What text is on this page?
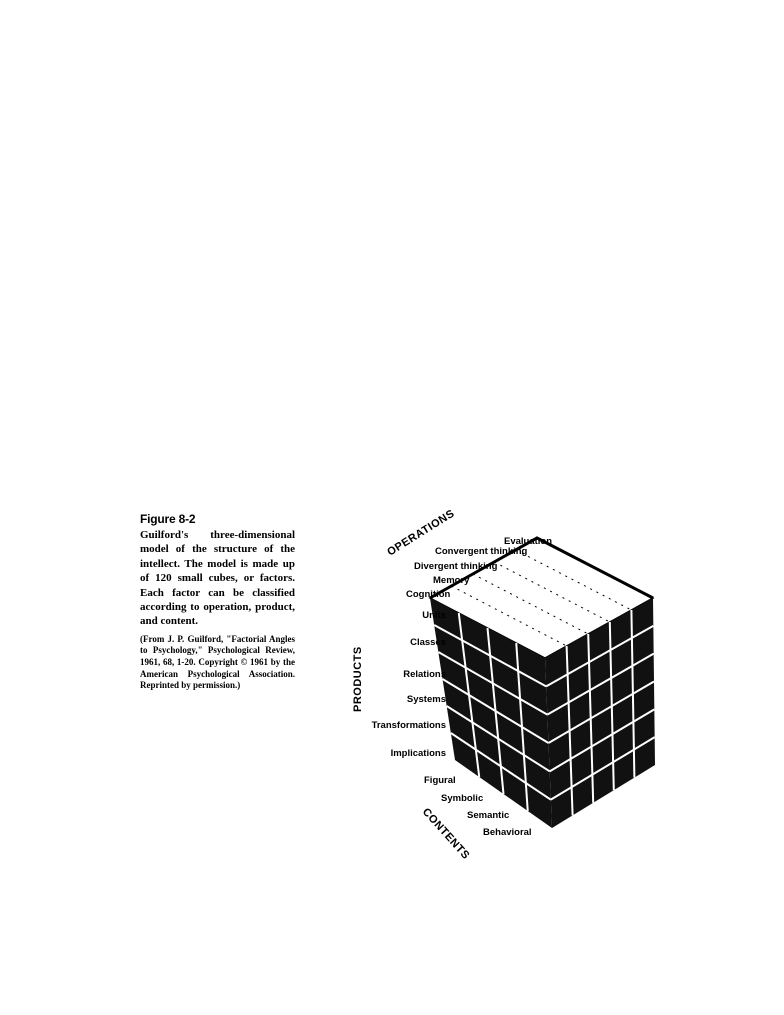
Figure 8-2

Guilford's three-dimensional model of the structure of the intellect. The model is made up of 120 small cubes, or factors. Each factor can be classified according to operation, product, and content.

(From J. P. Guilford, "Factorial Angles to Psychology," Psychological Review, 1961, 68, 1-20. Copyright © 1961 by the American Psychological Association. Reprinted by permission.)

OPERATIONS
PRODUCTS
CONTENTS
Evaluation
Convergent thinking
Divergent thinking
Memory
Cognition
Units
Classes
Relations
Systems
Transformations
Implications
Figural
Symbolic
Semantic
Behavioral
